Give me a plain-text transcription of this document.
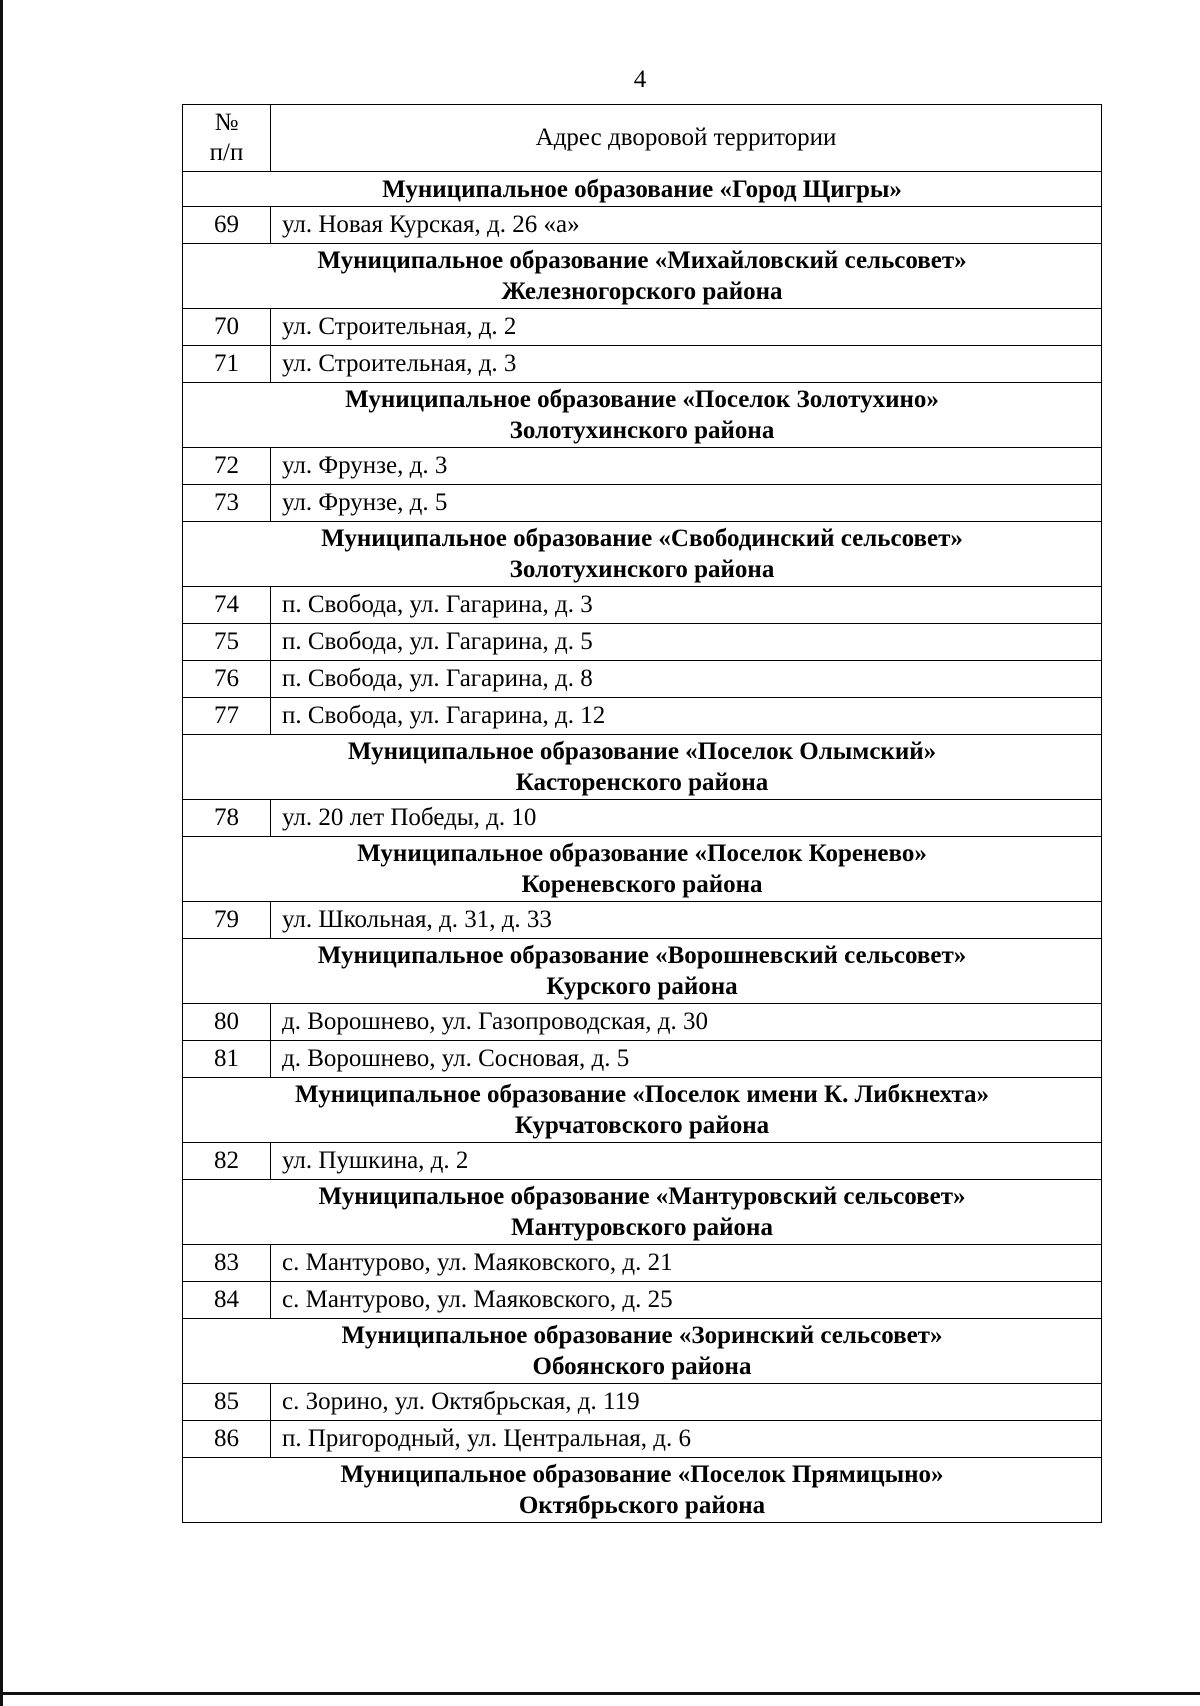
4
№
п/п	Адрес дворовой территории
Муниципальное образование «Город Щигры»	
69	ул. Новая Курская, д. 26 «а»
Муниципальное образование «Михайловский сельсовет»
Железногорского района	
70	ул. Строительная, д. 2
71	ул. Строительная, д. 3
Муниципальное образование «Поселок Золотухино»
Золотухинского района	
72	ул. Фрунзе, д. 3
73	ул. Фрунзе, д. 5
Муниципальное образование «Свободинский сельсовет»
Золотухинского района	
74	п. Свобода, ул. Гагарина, д. 3
75	п. Свобода, ул. Гагарина, д. 5
76	п. Свобода, ул. Гагарина, д. 8
77	п. Свобода, ул. Гагарина, д. 12
Муниципальное образование «Поселок Олымский»
Касторенского района	
78	ул. 20 лет Победы, д. 10
Муниципальное образование «Поселок Коренево»
Кореневского района	
79	ул. Школьная, д. 31, д. 33
Муниципальное образование «Ворошневский сельсовет»
Курского района	
80	д. Ворошнево, ул. Газопроводская, д. 30
81	д. Ворошнево, ул. Сосновая, д. 5
Муниципальное образование «Поселок имени К. Либкнехта»
Курчатовского района	
82	ул. Пушкина, д. 2
Муниципальное образование «Мантуровский сельсовет»
Мантуровского района	
83	с. Мантурово, ул. Маяковского, д. 21
84	с. Мантурово, ул. Маяковского, д. 25
Муниципальное образование «Зоринский сельсовет»
Обоянского района	
85	с. Зорино, ул. Октябрьская, д. 119
86	п. Пригородный, ул. Центральная, д. 6
Муниципальное образование «Поселок Прямицыно»
Октябрьского района	
